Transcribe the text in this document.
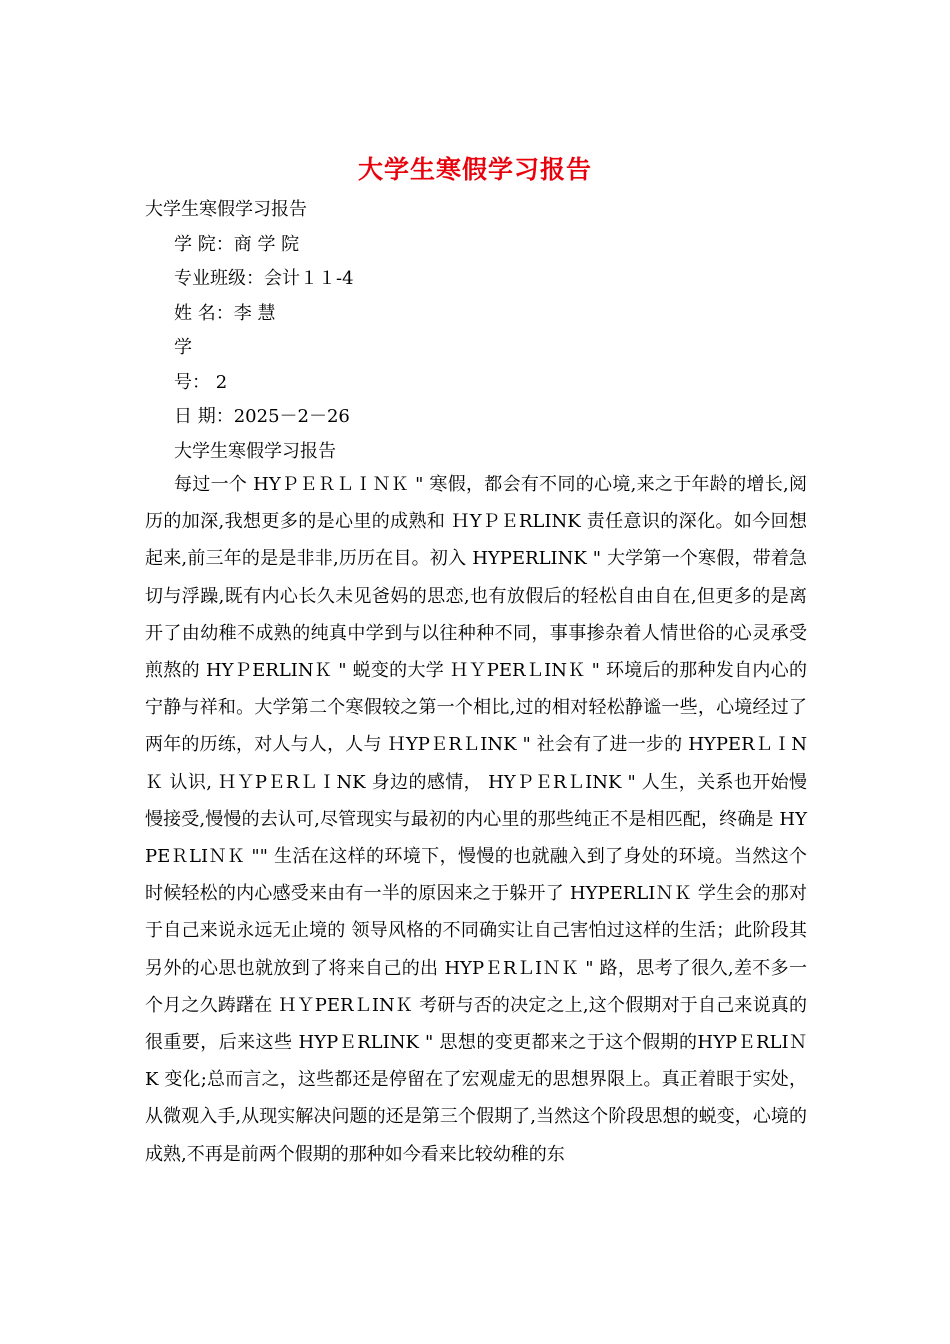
大学生寒假学习报告
大学生寒假学习报告
学 院：商 学 院
专业班级：会计１１-4
姓 名：李 慧
学
号： 2
日 期：2025－2－26
大学生寒假学习报告

每过一个 HYＰＥＲＬＩＮＫ " 寒假，都会有不同的心境,来之于年龄的增长,阅历的加深,我想更多的是心里的成熟和 ＨYＰＥRLINK 责任意识的深化。如今回想起来,前三年的是是非非,历历在目。初入 HYPERLINK " 大学第一个寒假，带着急切与浮躁,既有内心长久未见爸妈的思恋,也有放假后的轻松自由自在,但更多的是离开了由幼稚不成熟的纯真中学到与以往种种不同，事事掺杂着人情世俗的心灵承受煎熬的 HYＰERLINＫ " 蜕变的大学 ＨＹPERＬINＫ " 环境后的那种发自内心的宁静与祥和。大学第二个寒假较之第一个相比,过的相对轻松静谧一些，心境经过了两年的历练，对人与人，人与 ＨYPＥRＬINK " 社会有了进一步的 HYPERＬＩNＫ 认识, ＨＹPＥRＬＩNK 身边的感情， HYＰＥRＬINK " 人生，关系也开始慢慢接受,慢慢的去认可,尽管现实与最初的内心里的那些纯正不是相匹配，终确是 HYPEＲLIＮＫ "" 生活在这样的环境下，慢慢的也就融入到了身处的环境。当然这个时候轻松的内心感受来由有一半的原因来之于躲开了 HYPERLIＮＫ 学生会的那对于自己来说永远无止境的 领导风格的不同确实让自己害怕过这样的生活；此阶段其另外的心思也就放到了将来自己的出 HYPＥRＬIＮＫ " 路，思考了很久,差不多一个月之久踌躇在 ＨＹPERＬINＫ 考研与否的决定之上,这个假期对于自己来说真的很重要，后来这些 HYPＥRLINK " 思想的变更都来之于这个假期的HYPＥRLIＮK 变化;总而言之，这些都还是停留在了宏观虚无的思想界限上。真正着眼于实处，从微观入手,从现实解决问题的还是第三个假期了,当然这个阶段思想的蜕变，心境的成熟,不再是前两个假期的那种如今看来比较幼稚的东
